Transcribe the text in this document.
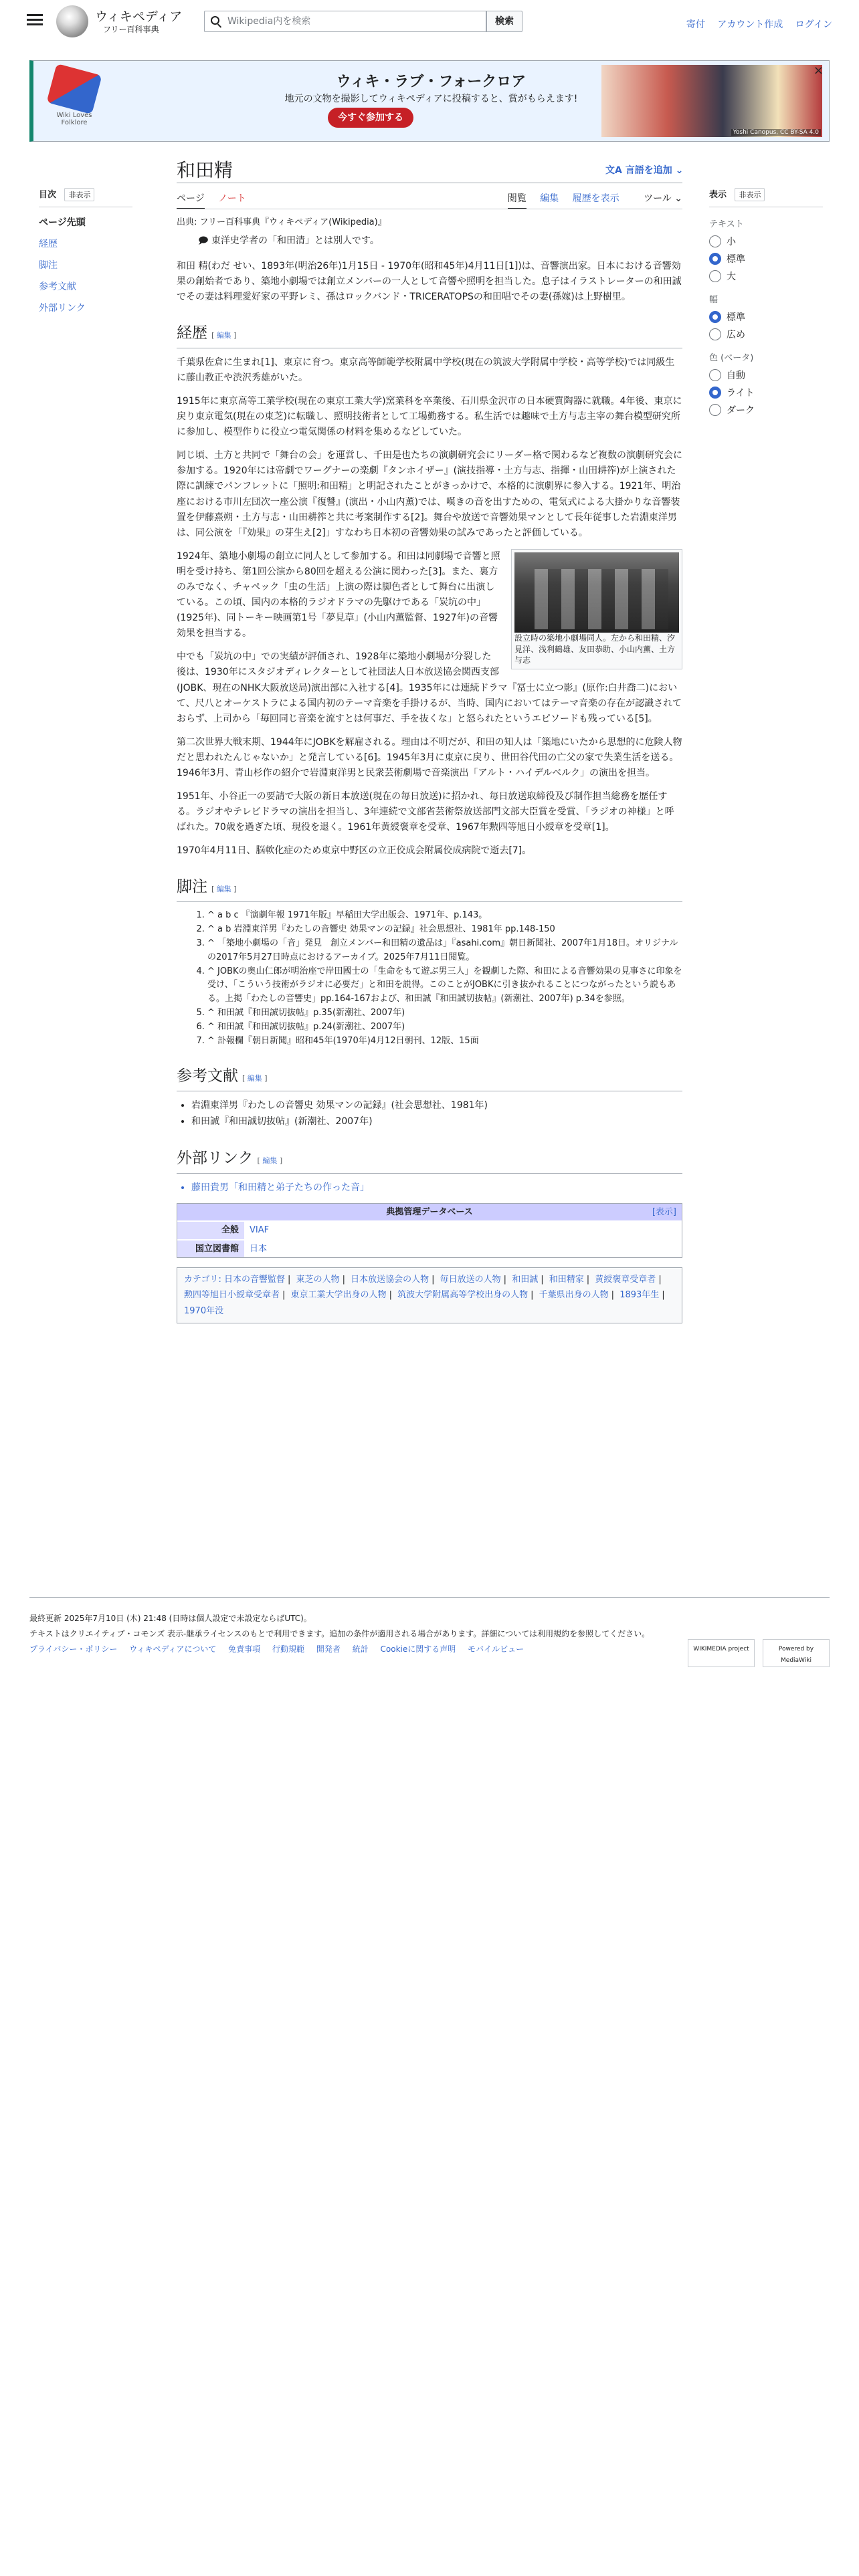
ウィキペディア
フリー百科事典
Wikipedia内を検索	検索	寄付 アカウント作成 ログイン
Wiki Loves Folklore
ウィキ・ラブ・フォークロア
地元の文物を撮影してウィキペディアに投稿すると、賞がもらえます!
今すぐ参加する
Yoshi Canopus, CC BY-SA 4.0
×
目次 非表示
ページ先頭
経歴
脚注
参考文献
外部リンク
和田精	文A 言語を追加 ⌄
ページ ノート	閲覧 編集 履歴を表示	ツール ⌄
出典: フリー百科事典『ウィキペディア(Wikipedia)』
🗩 東洋史学者の「和田清」とは別人です。

和田 精(わだ せい、1893年(明治26年)1月15日 - 1970年(昭和45年)4月11日[1])は、音響演出家。日本における音響効果の創始者であり、築地小劇場では創立メンバーの一人として音響や照明を担当した。息子はイラストレーターの和田誠でその妻は料理愛好家の平野レミ、孫はロックバンド・TRICERATOPSの和田唱でその妻(孫嫁)は上野樹里。

経歴 [ 編集 ]

千葉県佐倉に生まれ[1]、東京に育つ。東京高等師範学校附属中学校(現在の筑波大学附属中学校・高等学校)では同級生に藤山教正や渋沢秀雄がいた。

1915年に東京高等工業学校(現在の東京工業大学)窯業科を卒業後、石川県金沢市の日本硬質陶器に就職。4年後、東京に戻り東京電気(現在の東芝)に転職し、照明技術者として工場勤務する。私生活では趣味で土方与志主宰の舞台模型研究所に参加し、模型作りに役立つ電気関係の材料を集めるなどしていた。

同じ頃、土方と共同で「舞台の会」を運営し、千田是也たちの演劇研究会にリーダー格で関わるなど複数の演劇研究会に参加する。1920年には帝劇でワーグナーの楽劇『タンホイザー』(演技指導・土方与志、指揮・山田耕筰)が上演された際に訓練でパンフレットに「照明:和田精」と明記されたことがきっかけで、本格的に演劇界に参入する。1921年、明治座における市川左団次一座公演『復讐』(演出・小山内薫)では、嘆きの音を出すための、電気式による大掛かりな音響装置を伊藤熹朔・土方与志・山田耕筰と共に考案制作する[2]。舞台や放送で音響効果マンとして長年従事した岩淵東洋男は、同公演を「『効果』の芽生え[2]」すなわち日本初の音響効果の試みであったと評価している。

設立時の築地小劇場同人。左から和田精、汐見洋、浅利鶴雄、友田恭助、小山内薫、土方与志

1924年、築地小劇場の創立に同人として参加する。和田は同劇場で音響と照明を受け持ち、第1回公演から80回を超える公演に関わった[3]。また、裏方のみでなく、チャペック「虫の生活」上演の際は脚色者として舞台に出演している。この頃、国内の本格的ラジオドラマの先駆けである「炭坑の中」(1925年)、同トーキー映画第1号「夢見草」(小山内薫監督、1927年)の音響効果を担当する。

中でも「炭坑の中」での実績が評価され、1928年に築地小劇場が分裂した後は、1930年にスタジオディレクターとして社団法人日本放送協会関西支部(JOBK、現在のNHK大阪放送局)演出部に入社する[4]。1935年には連続ドラマ『冨士に立つ影』(原作:白井喬二)において、尺八とオーケストラによる国内初のテーマ音楽を手掛けるが、当時、国内においてはテーマ音楽の存在が認識されておらず、上司から「毎回同じ音楽を流すとは何事だ、手を抜くな」と怒られたというエピソードも残っている[5]。

第二次世界大戦末期、1944年にJOBKを解雇される。理由は不明だが、和田の知人は「築地にいたから思想的に危険人物だと思われたんじゃないか」と発言している[6]。1945年3月に東京に戻り、世田谷代田の亡父の家で失業生活を送る。1946年3月、青山杉作の紹介で岩淵東洋男と民衆芸術劇場で音楽演出「アルト・ハイデルベルク」の演出を担当。

1951年、小谷正一の要請で大阪の新日本放送(現在の毎日放送)に招かれ、毎日放送取締役及び制作担当総務を歴任する。ラジオやテレビドラマの演出を担当し、3年連続で文部省芸術祭放送部門文部大臣賞を受賞、「ラジオの神様」と呼ばれた。70歳を過ぎた頃、現役を退く。1961年黄綬褒章を受章、1967年勲四等旭日小綬章を受章[1]。

1970年4月11日、脳軟化症のため東京中野区の立正佼成会附属佼成病院で逝去[7]。

脚注 [ 編集 ]
1. ^ a b c 『演劇年報 1971年版』早稲田大学出版会、1971年、p.143。
2. ^ a b 岩淵東洋男『わたしの音響史 効果マンの記録』社会思想社、1981年 pp.148-150
3. ^ 「築地小劇場の「音」発見　創立メンバー和田精の遺品は」『asahi.com』朝日新聞社、2007年1月18日。オリジナルの2017年5月27日時点におけるアーカイブ。2025年7月11日閲覧。
4. ^ JOBKの奥山仁郎が明治座で岸田國士の「生命をもて遊ぶ男三人」を観劇した際、和田による音響効果の見事さに印象を受け、「こういう技術がラジオに必要だ」と和田を説得。このことがJOBKに引き抜かれることにつながったという説もある。上掲「わたしの音響史」pp.164-167および、和田誠『和田誠切抜帖』(新潮社、2007年) p.34を参照。
5. ^ 和田誠『和田誠切抜帖』p.35(新潮社、2007年)
6. ^ 和田誠『和田誠切抜帖』p.24(新潮社、2007年)
7. ^ 訃報欄『朝日新聞』昭和45年(1970年)4月12日朝刊、12版、15面
参考文献 [ 編集 ]
• 岩淵東洋男『わたしの音響史 効果マンの記録』(社会思想社、1981年)
• 和田誠『和田誠切抜帖』(新潮社、2007年)
外部リンク [ 編集 ]
• 藤田貴男「和田精と弟子たちの作った音」
典拠管理データベース	[表示]
全般	VIAF
国立図書館	日本
カテゴリ: 日本の音響監督 | 東芝の人物 | 日本放送協会の人物 | 毎日放送の人物 | 和田誠 | 和田精家 | 黄綬褒章受章者 | 勲四等旭日小綬章受章者 | 東京工業大学出身の人物 | 筑波大学附属高等学校出身の人物 | 千葉県出身の人物 | 1893年生 | 1970年没
表示 非表示
テキスト
小
標準
大
幅
標準
広め
色 (ベータ)
自動
ライト
ダーク
最終更新 2025年7月10日 (木) 21:48 (日時は個人設定で未設定ならばUTC)。
テキストはクリエイティブ・コモンズ 表示-継承ライセンスのもとで利用できます。追加の条件が適用される場合があります。詳細については利用規約を参照してください。
プライバシー・ポリシー ウィキペディアについて 免責事項 行動規範 開発者 統計 Cookieに関する声明 モバイルビュー	WIKIMEDIA project	Powered by MediaWiki
